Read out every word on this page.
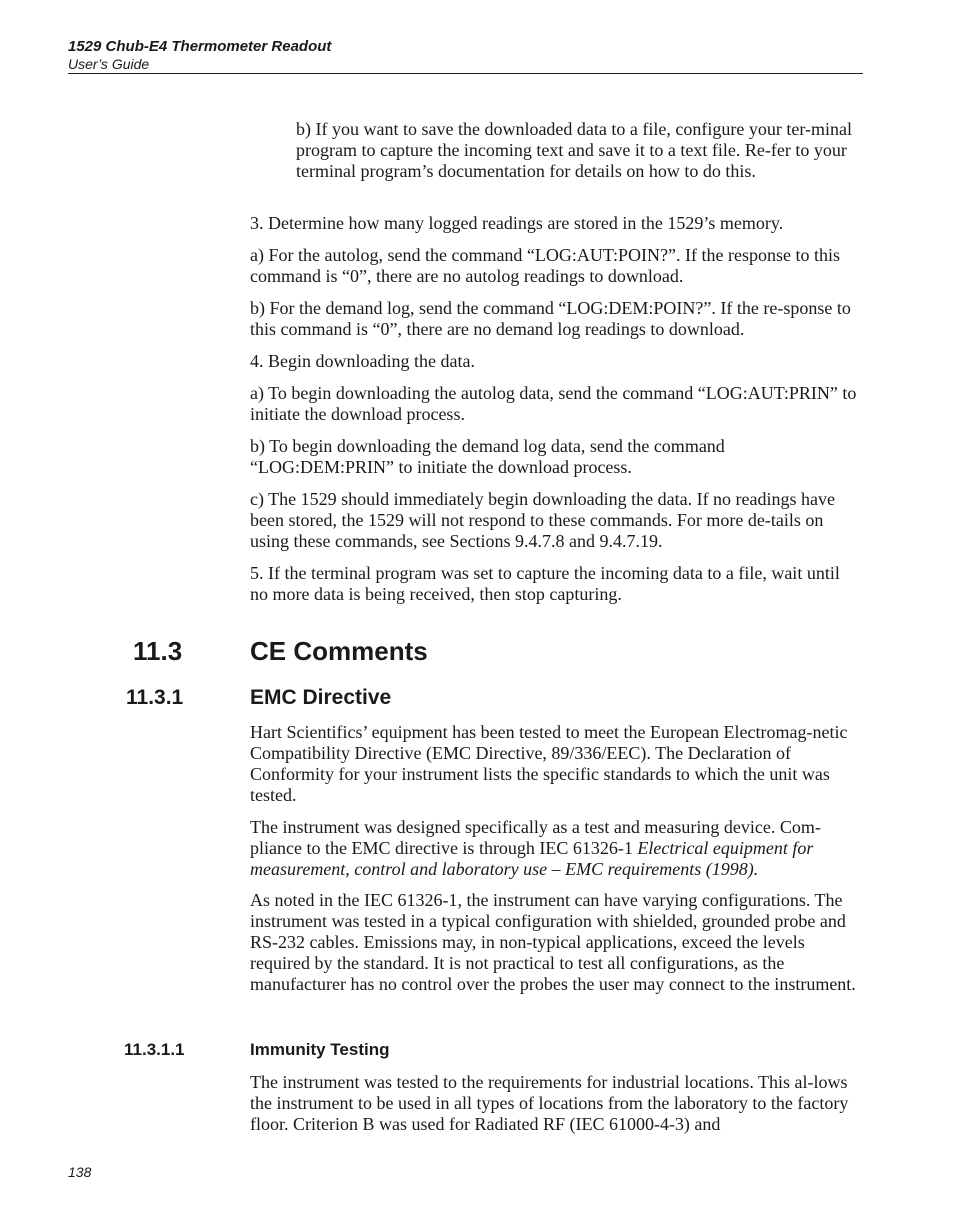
1529 Chub-E4 Thermometer Readout
User’s Guide

b) If you want to save the downloaded data to a file, configure your ter-minal program to capture the incoming text and save it to a text file. Re-fer to your terminal program’s documentation for details on how to do this.

3. Determine how many logged readings are stored in the 1529’s memory.

a) For the autolog, send the command “LOG:AUT:POIN?”. If the response to this command is “0”, there are no autolog readings to download.

b) For the demand log, send the command “LOG:DEM:POIN?”. If the re-sponse to this command is “0”, there are no demand log readings to download.

4. Begin downloading the data.

a) To begin downloading the autolog data, send the command “LOG:AUT:PRIN” to initiate the download process.

b) To begin downloading the demand log data, send the command “LOG:DEM:PRIN” to initiate the download process.

c) The 1529 should immediately begin downloading the data. If no readings have been stored, the 1529 will not respond to these commands. For more de-tails on using these commands, see Sections 9.4.7.8 and 9.4.7.19.

5. If the terminal program was set to capture the incoming data to a file, wait until no more data is being received, then stop capturing.

11.3	CE Comments
11.3.1	EMC Directive

Hart Scientifics’ equipment has been tested to meet the European Electromag-netic Compatibility Directive (EMC Directive, 89/336/EEC). The Declaration of Conformity for your instrument lists the specific standards to which the unit was tested.

The instrument was designed specifically as a test and measuring device. Com-pliance to the EMC directive is through IEC 61326-1 Electrical equipment for measurement, control and laboratory use – EMC requirements (1998).

As noted in the IEC 61326-1, the instrument can have varying configurations. The instrument was tested in a typical configuration with shielded, grounded probe and RS-232 cables. Emissions may, in non-typical applications, exceed the levels required by the standard. It is not practical to test all configurations, as the manufacturer has no control over the probes the user may connect to the instrument.

11.3.1.1	Immunity Testing

The instrument was tested to the requirements for industrial locations. This al-lows the instrument to be used in all types of locations from the laboratory to the factory floor. Criterion B was used for Radiated RF (IEC 61000-4-3) and

138
